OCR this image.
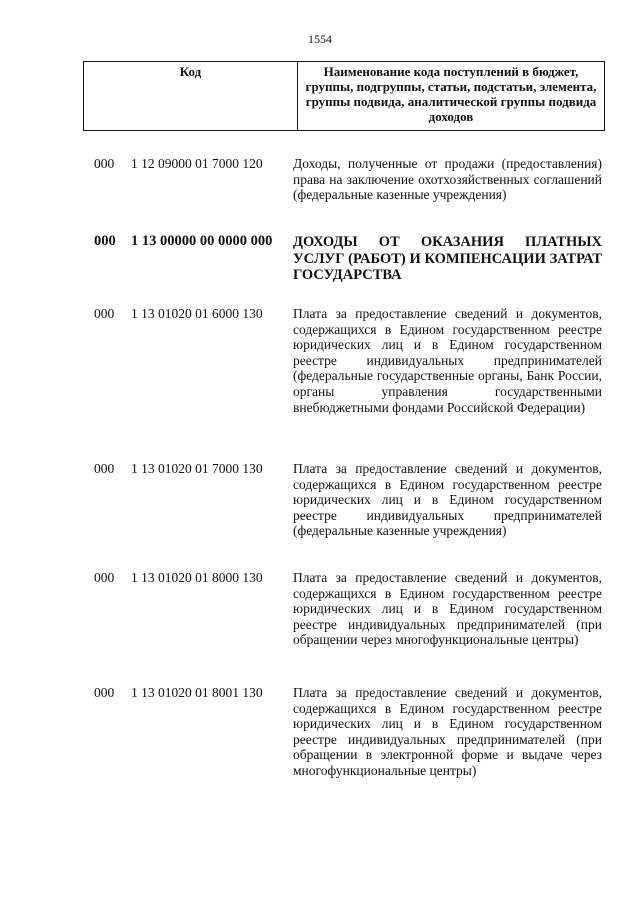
1554
Код	Наименование кода поступлений в бюджет, группы, подгруппы, статьи, подстатьи, элемента, группы подвида, аналитической группы подвида доходов
000 1 12 09000 01 7000 120 Доходы, полученные от продажи (предоставления) права на заключение охотхозяйственных соглашений (федеральные казенные учреждения)
000 1 13 00000 00 0000 000 ДОХОДЫ ОТ ОКАЗАНИЯ ПЛАТНЫХ УСЛУГ (РАБОТ) И КОМПЕНСАЦИИ ЗАТРАТ ГОСУДАРСТВА
000 1 13 01020 01 6000 130 Плата за предоставление сведений и документов, содержащихся в Едином государственном реестре юридических лиц и в Едином государственном реестре индивидуальных предпринимателей (федеральные государственные органы, Банк России, органы управления государственными внебюджетными фондами Российской Федерации)
000 1 13 01020 01 7000 130 Плата за предоставление сведений и документов, содержащихся в Едином государственном реестре юридических лиц и в Едином государственном реестре индивидуальных предпринимателей (федеральные казенные учреждения)
000 1 13 01020 01 8000 130 Плата за предоставление сведений и документов, содержащихся в Едином государственном реестре юридических лиц и в Едином государственном реестре индивидуальных предпринимателей (при обращении через многофункциональные центры)
000 1 13 01020 01 8001 130 Плата за предоставление сведений и документов, содержащихся в Едином государственном реестре юридических лиц и в Едином государственном реестре индивидуальных предпринимателей (при обращении в электронной форме и выдаче через многофункциональные центры)
